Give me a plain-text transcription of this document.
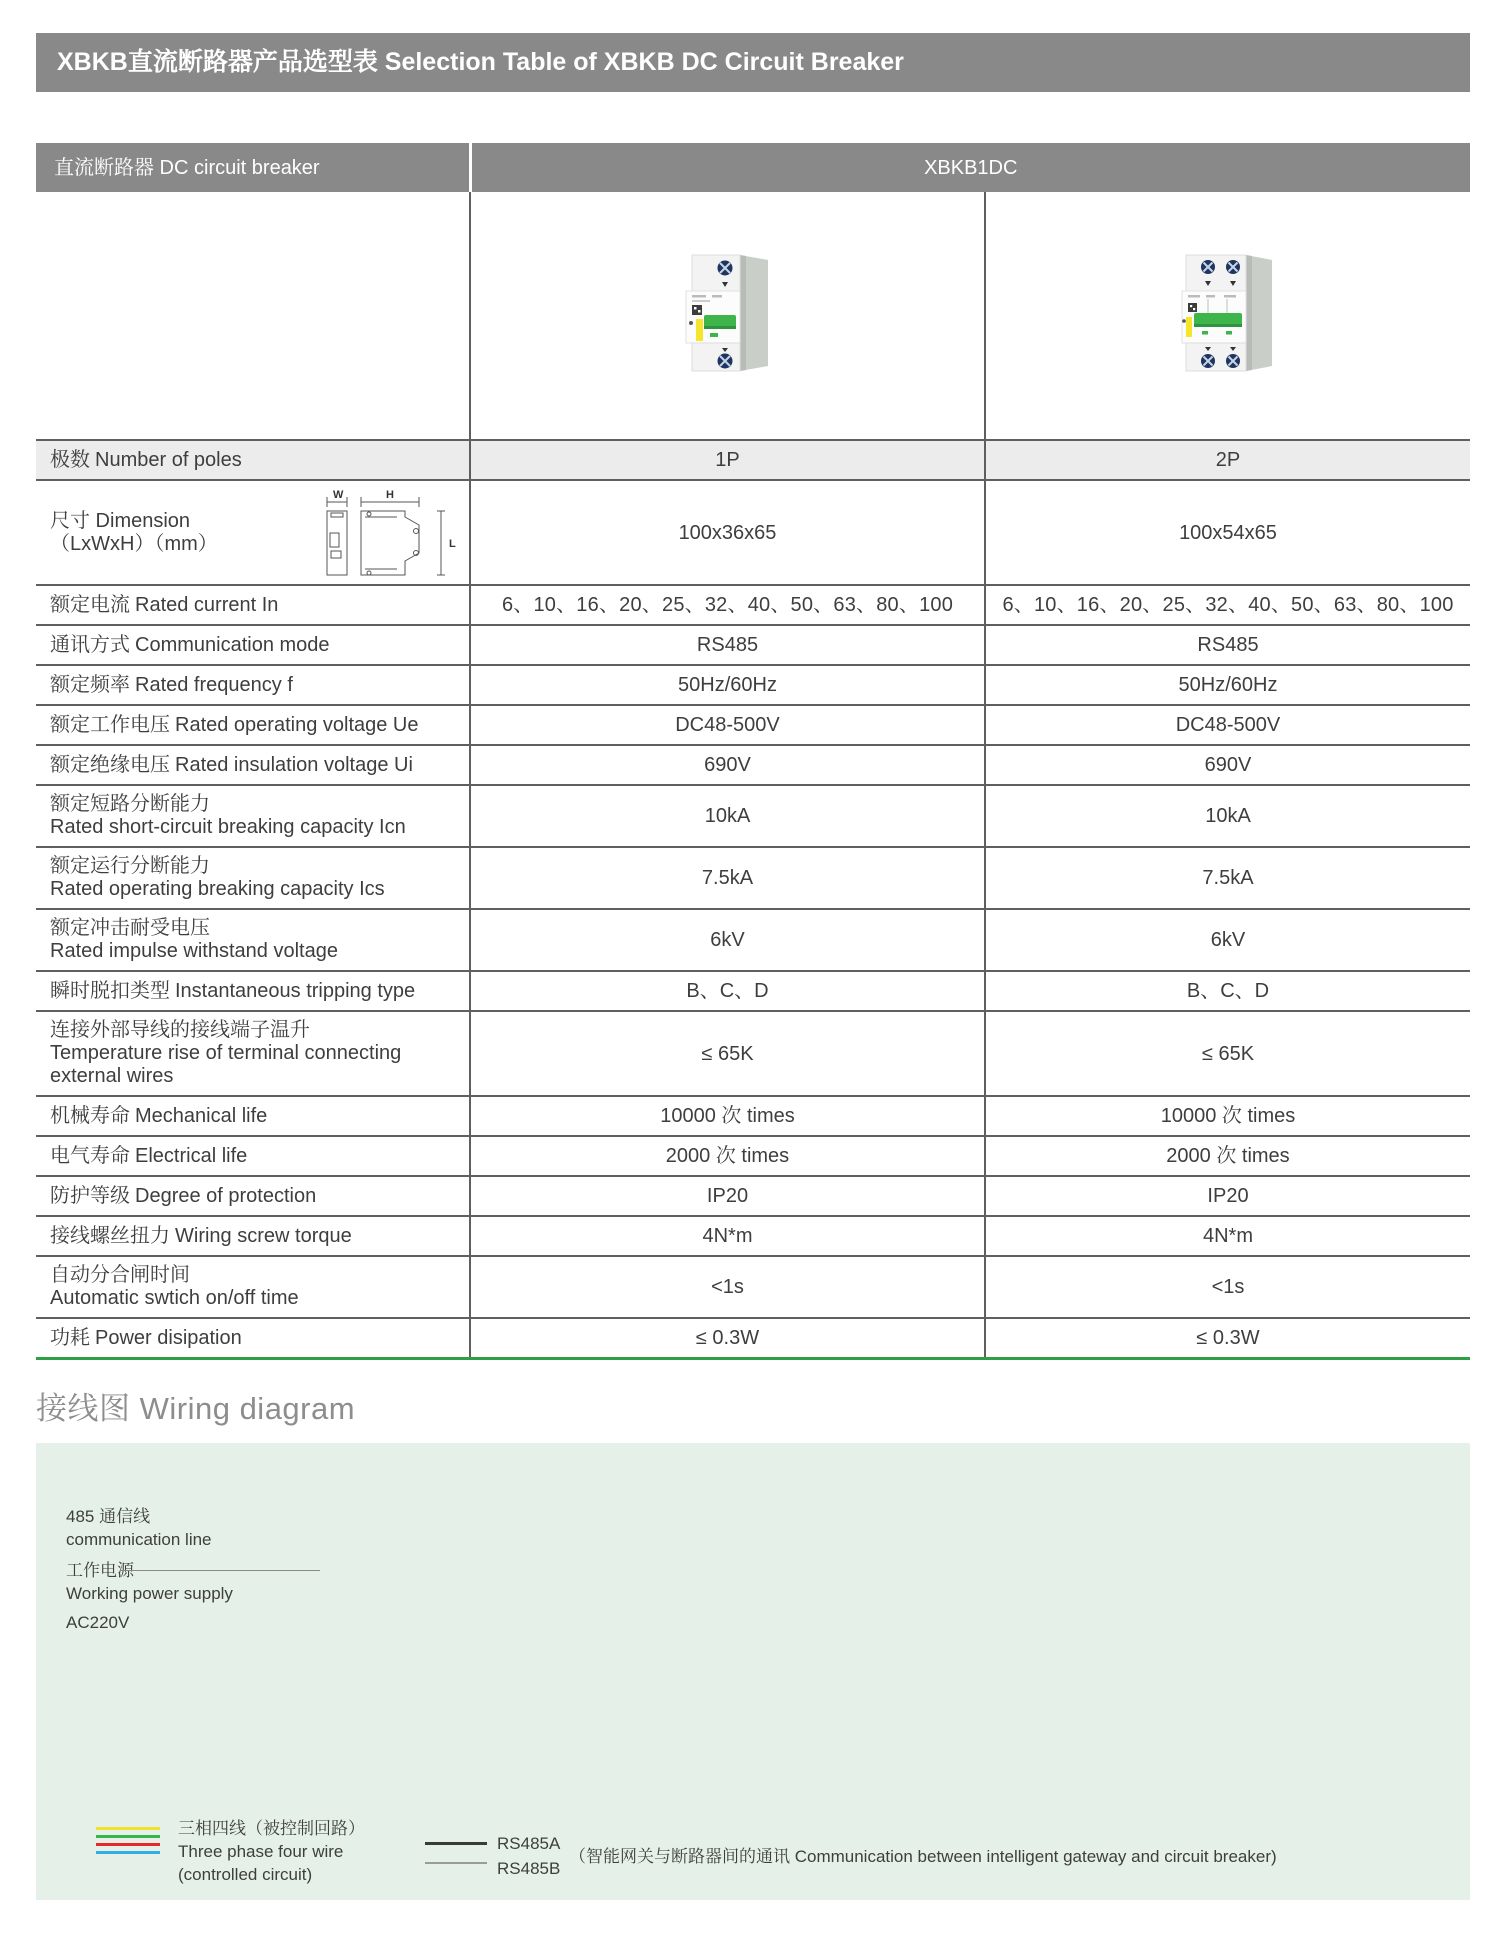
XBKB直流断路器产品选型表 Selection Table of XBKB DC Circuit Breaker
直流断路器 DC circuit breaker	XBKB1DC	

极数 Number of poles	1P	2P

尺寸 Dimension
（LxWxH）（mm）
W H
L	100x36x65	100x54x65
额定电流 Rated current In	6、10、16、20、25、32、40、50、63、80、100	6、10、16、20、25、32、40、50、63、80、100
通讯方式 Communication mode	RS485	RS485
额定频率 Rated frequency f	50Hz/60Hz	50Hz/60Hz
额定工作电压 Rated operating voltage Ue	DC48-500V	DC48-500V
额定绝缘电压 Rated insulation voltage Ui	690V	690V

额定短路分断能力
Rated short-circuit breaking capacity Icn	10kA	10kA

额定运行分断能力
Rated operating breaking capacity Ics	7.5kA	7.5kA

额定冲击耐受电压
Rated impulse withstand voltage	6kV	6kV
瞬时脱扣类型 Instantaneous tripping type	B、C、D	B、C、D

连接外部导线的接线端子温升
Temperature rise of terminal connecting external wires	≤ 65K	≤ 65K
机械寿命 Mechanical life	10000 次 times	10000 次 times
电气寿命 Electrical life	2000 次 times	2000 次 times
防护等级 Degree of protection	IP20	IP20
接线螺丝扭力 Wiring screw torque	4N*m	4N*m

自动分合闸时间
Automatic swtich on/off time	<1s	<1s
功耗 Power disipation	≤ 0.3W	≤ 0.3W
接线图 Wiring diagram
485 通信线
communication line
工作电源
Working power supply
AC220V
三相四线（被控制回路）
Three phase four wire
(controlled circuit)
RS485A
RS485B
（智能网关与断路器间的通讯 Communication between intelligent gateway and circuit breaker)
